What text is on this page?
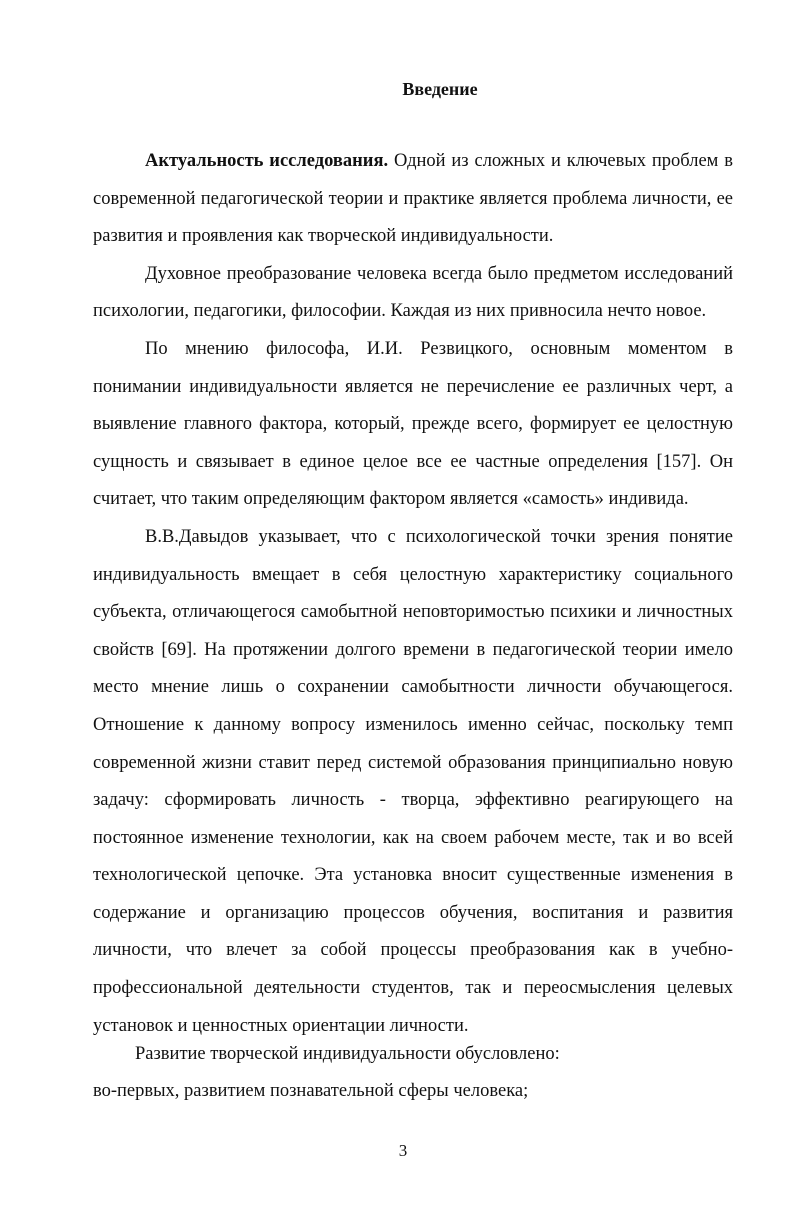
Введение

Актуальность исследования. Одной из сложных и ключевых проблем в современной педагогической теории и практике является проблема личности, ее развития и проявления как творческой индивидуальности.

Духовное преобразование человека всегда было предметом исследований психологии, педагогики, философии. Каждая из них привносила нечто новое.

По мнению философа, И.И. Резвицкого, основным моментом в понимании индивидуальности является не перечисление ее различных черт, а выявление главного фактора, который, прежде всего, формирует ее целостную сущность и связывает в единое целое все ее частные определения [157]. Он считает, что таким определяющим фактором является «самость» индивида.

В.В.Давыдов указывает, что с психологической точки зрения понятие индивидуальность вмещает в себя целостную характеристику социального субъекта, отличающегося самобытной неповторимостью психики и личностных свойств [69]. На протяжении долгого времени в педагогической теории имело место мнение лишь о сохранении самобытности личности обучающегося. Отношение к данному вопросу изменилось именно сейчас, поскольку темп современной жизни ставит перед системой образования принципиально новую задачу: сформировать личность - творца, эффективно реагирующего на постоянное изменение технологии, как на своем рабочем месте, так и во всей технологической цепочке. Эта установка вносит существенные изменения в содержание и организацию процессов обучения, воспитания и развития личности, что влечет за собой процессы преобразования как в учебно-профессиональной деятельности студентов, так и переосмысления целевых установок и ценностных ориентации личности.

Развитие творческой индивидуальности обусловлено:
во-первых, развитием познавательной сферы человека;
3
